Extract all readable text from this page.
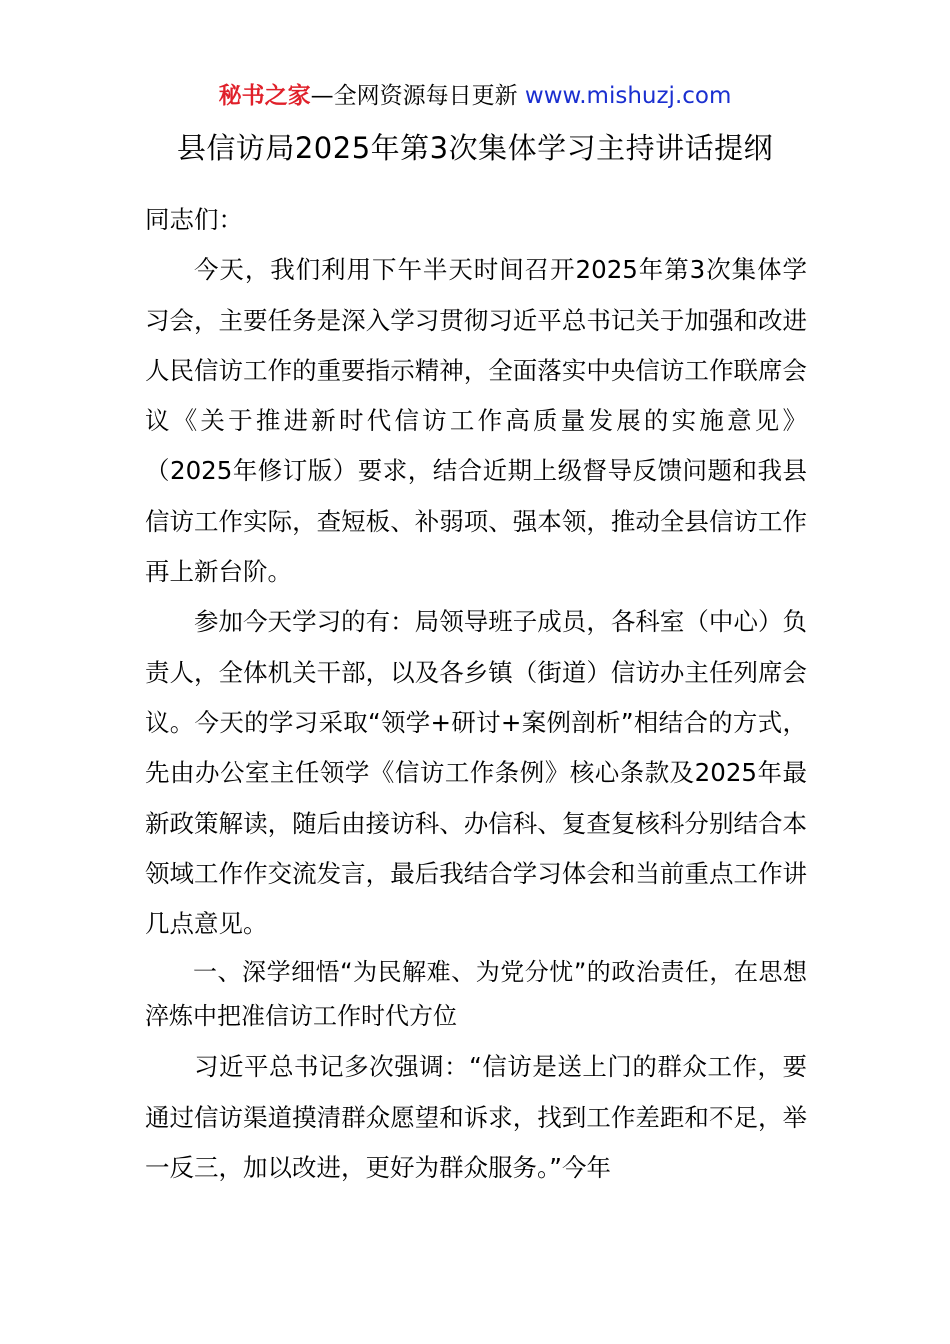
秘书之家—全网资源每日更新 www.mishuzj.com
县信访局2025年第3次集体学习主持讲话提纲

同志们：

今天，我们利用下午半天时间召开2025年第3次集体学习会，主要任务是深入学习贯彻习近平总书记关于加强和改进人民信访工作的重要指示精神，全面落实中央信访工作联席会议《关于推进新时代信访工作高质量发展的实施意见》（2025年修订版）要求，结合近期上级督导反馈问题和我县信访工作实际，查短板、补弱项、强本领，推动全县信访工作再上新台阶。

参加今天学习的有：局领导班子成员，各科室（中心）负责人，全体机关干部，以及各乡镇（街道）信访办主任列席会议。今天的学习采取“领学+研讨+案例剖析”相结合的方式，先由办公室主任领学《信访工作条例》核心条款及2025年最新政策解读，随后由接访科、办信科、复查复核科分别结合本领域工作作交流发言，最后我结合学习体会和当前重点工作讲几点意见。

一、深学细悟“为民解难、为党分忧”的政治责任，在思想淬炼中把准信访工作时代方位

习近平总书记多次强调：“信访是送上门的群众工作，要通过信访渠道摸清群众愿望和诉求，找到工作差距和不足，举一反三，加以改进，更好为群众服务。”今年
